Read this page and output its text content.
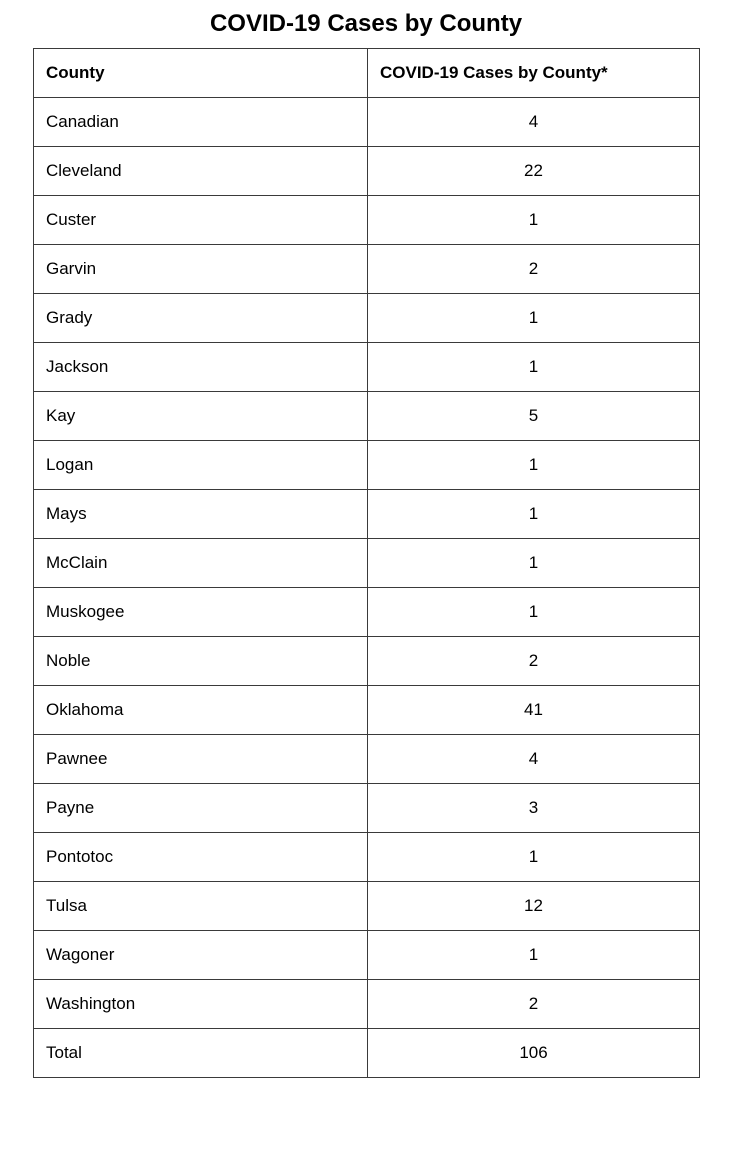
COVID-19 Cases by County
County	COVID-19 Cases by County*
Canadian	4
Cleveland	22
Custer	1
Garvin	2
Grady	1
Jackson	1
Kay	5
Logan	1
Mays	1
McClain	1
Muskogee	1
Noble	2
Oklahoma	41
Pawnee	4
Payne	3
Pontotoc	1
Tulsa	12
Wagoner	1
Washington	2
Total	106
